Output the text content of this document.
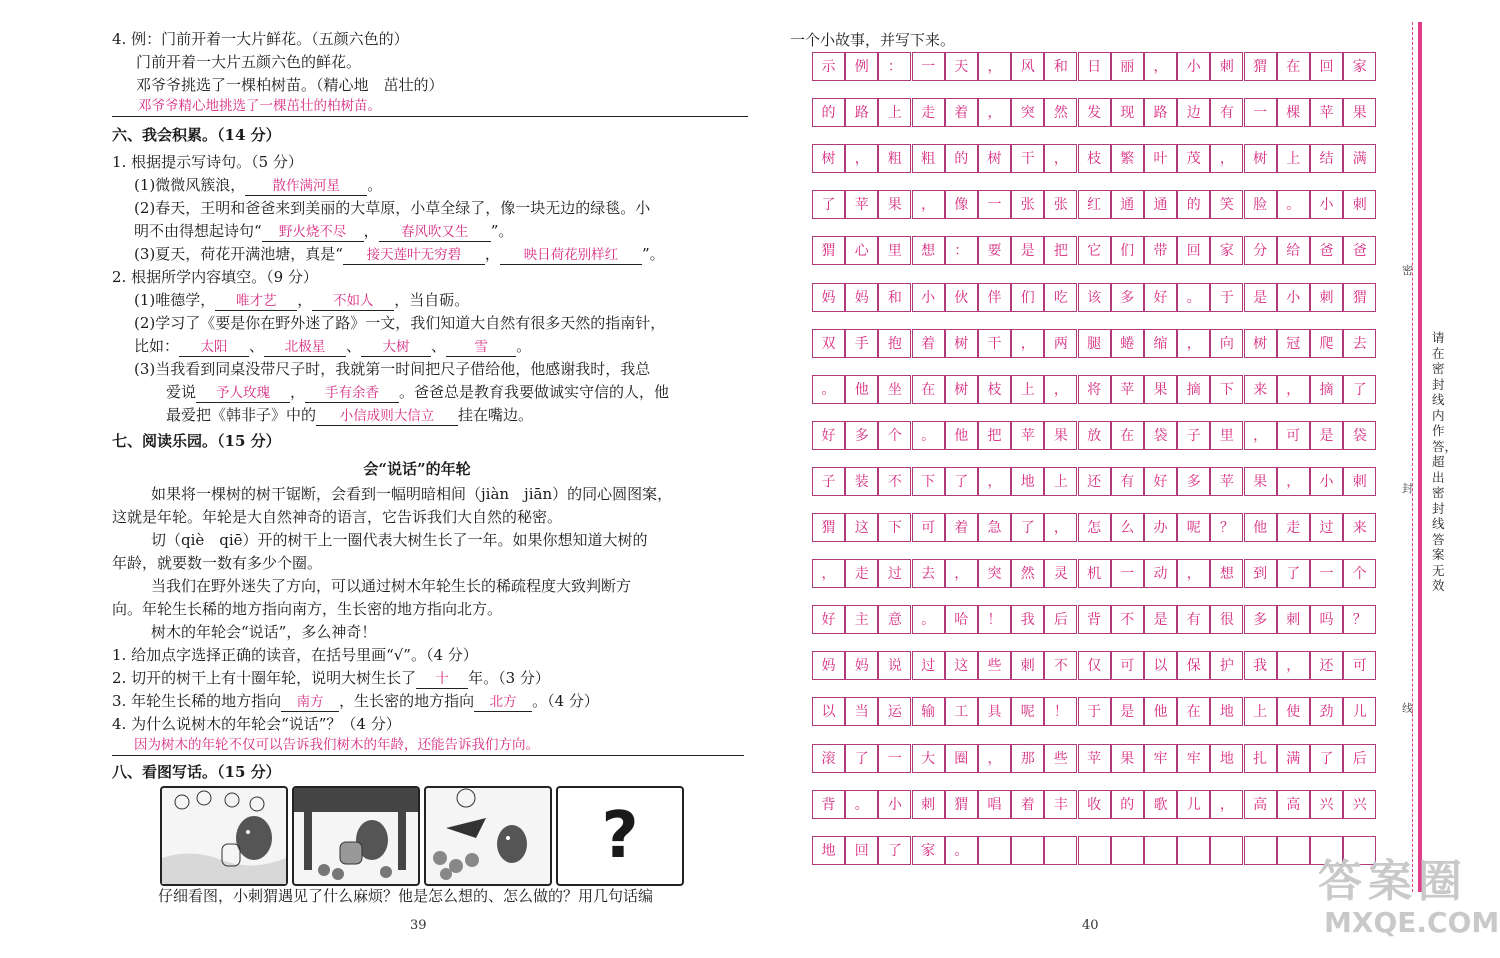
4. 例：门前开着一大片鲜花。（五颜六色的）
门前开着一大片五颜六色的鲜花。
邓爷爷挑选了一棵柏树苗。（精心地　茁壮的）
邓爷爷精心地挑选了一棵茁壮的柏树苗。
六、我会积累。（14 分）
1. 根据提示写诗句。（5 分）
(1)微微风簇浪， 散作满河星 。
(2)春天，王明和爸爸来到美丽的大草原，小草全绿了，像一块无边的绿毯。小
明不由得想起诗句“ 野火烧不尽 ， 春风吹又生 ”。
(3)夏天，荷花开满池塘，真是“ 接天莲叶无穷碧 ， 映日荷花别样红 ”。
2. 根据所学内容填空。（9 分）
(1)唯德学， 唯才艺 ， 不如人 ，当自砺。
(2)学习了《要是你在野外迷了路》一文，我们知道大自然有很多天然的指南针，
比如： 太阳 、 北极星 、 大树 、 雪 。
(3)当我看到同桌没带尺子时，我就第一时间把尺子借给他，他感谢我时，我总
爱说 予人玫瑰 ， 手有余香 。爸爸总是教育我要做诚实守信的人，他
最爱把《韩非子》中的 小信成则大信立 挂在嘴边。
七、阅读乐园。（15 分）
会“说话”的年轮
　如果将一棵树的树干锯断，会看到一幅明暗相间（jiàn　jiān）的同心圆图案，
这就是年轮。年轮是大自然神奇的语言，它告诉我们大自然的秘密。
　切（qiè　qiē）开的树干上一圈代表大树生长了一年。如果你想知道大树的
年龄，就要数一数有多少个圈。
　当我们在野外迷失了方向，可以通过树木年轮生长的稀疏程度大致判断方
向。年轮生长稀的地方指向南方，生长密的地方指向北方。
　树木的年轮会“说话”，多么神奇！
1. 给加点字选择正确的读音，在括号里画“√”。（4 分）
2. 切开的树干上有十圈年轮，说明大树生长了 十 年。（3 分）
3. 年轮生长稀的地方指向 南方 ，生长密的地方指向 北方 。（4 分）
4. 为什么说树木的年轮会“说话”？（4 分）
因为树木的年轮不仅可以告诉我们树木的年龄，还能告诉我们方向。
八、看图写话。（15 分）
?
仔细看图，小刺猬遇见了什么麻烦？他是怎么想的、怎么做的？用几句话编
39
一个小故事，并写下来。
示	例	：	一	天	，	风	和	日	丽	，	小	刺	猬	在	回	家
的	路	上	走	着	，	突	然	发	现	路	边	有	一	棵	苹	果
树	，	粗	粗	的	树	干	，	枝	繁	叶	茂	，	树	上	结	满
了	苹	果	，	像	一	张	张	红	通	通	的	笑	脸	。	小	刺
猬	心	里	想	：	要	是	把	它	们	带	回	家	分	给	爸	爸
妈	妈	和	小	伙	伴	们	吃	该	多	好	。	于	是	小	刺	猬
双	手	抱	着	树	干	，	两	腿	蜷	缩	，	向	树	冠	爬	去
。	他	坐	在	树	枝	上	，	将	苹	果	摘	下	来	，	摘	了
好	多	个	。	他	把	苹	果	放	在	袋	子	里	，	可	是	袋
子	装	不	下	了	，	地	上	还	有	好	多	苹	果	，	小	刺
猬	这	下	可	着	急	了	，	怎	么	办	呢	？	他	走	过	来
，	走	过	去	，	突	然	灵	机	一	动	，	想	到	了	一	个
好	主	意	。	哈	！	我	后	背	不	是	有	很	多	刺	吗	？
妈	妈	说	过	这	些	刺	不	仅	可	以	保	护	我	，	还	可
以	当	运	输	工	具	呢	！	于	是	他	在	地	上	使	劲	儿
滚	了	一	大	圈	，	那	些	苹	果	牢	牢	地	扎	满	了	后
背	。	小	刺	猬	唱	着	丰	收	的	歌	儿	，	高	高	兴	兴
地	回	了	家	。
40
密
封
线
请在密封线内作答，超出密封线答案无效
答案圈
MXQE.COM
